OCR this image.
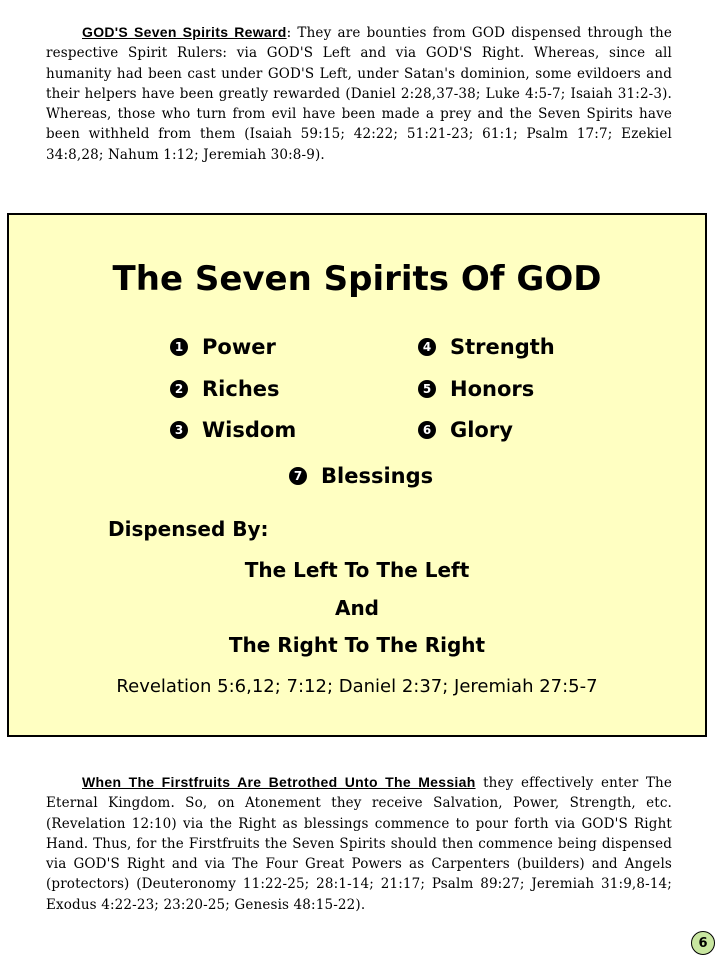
GOD'S Seven Spirits Reward: They are bounties from GOD dispensed through the respective Spirit Rulers: via GOD'S Left and via GOD'S Right. Whereas, since all humanity had been cast under GOD'S Left, under Satan's dominion, some evildoers and their helpers have been greatly rewarded (Daniel 2:28,37-38; Luke 4:5-7; Isaiah 31:2-3). Whereas, those who turn from evil have been made a prey and the Seven Spirits have been withheld from them (Isaiah 59:15; 42:22; 51:21-23; 61:1; Psalm 17:7; Ezekiel 34:8,28; Nahum 1:12; Jeremiah 30:8-9).
The Seven Spirits Of GOD
1 Power
2 Riches
3 Wisdom
4 Strength
5 Honors
6 Glory
7 Blessings
Dispensed By:
The Left To The Left
And
The Right To The Right
Revelation 5:6,12; 7:12; Daniel 2:37; Jeremiah 27:5-7
When The Firstfruits Are Betrothed Unto The Messiah they effectively enter The Eternal Kingdom. So, on Atonement they receive Salvation, Power, Strength, etc. (Revelation 12:10) via the Right as blessings commence to pour forth via GOD'S Right Hand. Thus, for the Firstfruits the Seven Spirits should then commence being dispensed via GOD'S Right and via The Four Great Powers as Carpenters (builders) and Angels (protectors) (Deuteronomy 11:22-25; 28:1-14; 21:17; Psalm 89:27; Jeremiah 31:9,8-14; Exodus 4:22-23; 23:20-25; Genesis 48:15-22).
6
